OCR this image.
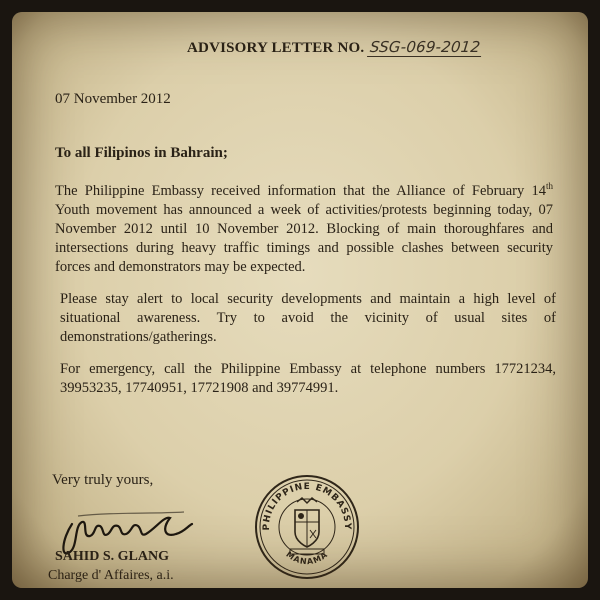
ADVISORY LETTER NO. SSG-069-2012
07 November 2012
To all Filipinos in Bahrain;
The Philippine Embassy received information that the Alliance of February 14th Youth movement has announced a week of activities/protests beginning today, 07 November 2012 until 10 November 2012. Blocking of main thoroughfares and intersections during heavy traffic timings and possible clashes between security forces and demonstrators may be expected.
Please stay alert to local security developments and maintain a high level of situational awareness. Try to avoid the vicinity of usual sites of demonstrations/gatherings.
For emergency, call the Philippine Embassy at telephone numbers 17721234, 39953235, 17740951, 17721908 and 39774991.
Very truly yours,
SAHID S. GLANG
Charge d' Affaires, a.i.
PHILIPPINE EMBASSY
MANAMA
